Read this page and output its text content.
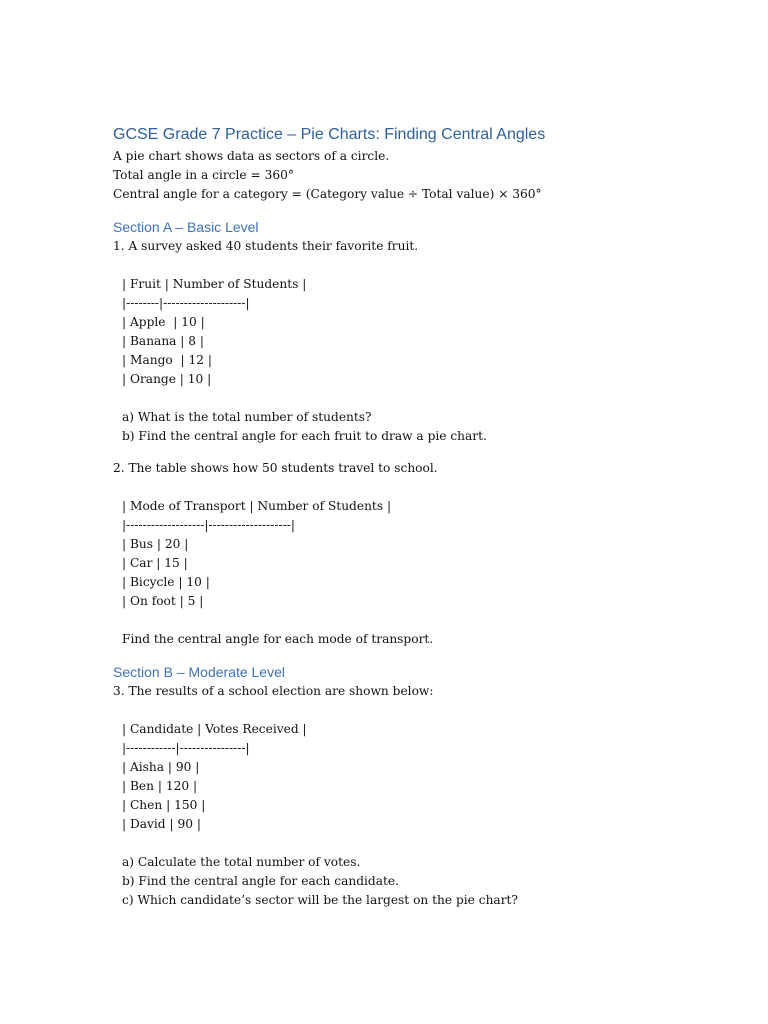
GCSE Grade 7 Practice – Pie Charts: Finding Central Angles
A pie chart shows data as sectors of a circle.
Total angle in a circle = 360°
Central angle for a category = (Category value ÷ Total value) × 360°
Section A – Basic Level
1. A survey asked 40 students their favorite fruit.
| Fruit | Number of Students |
|--------|--------------------|
| Apple  | 10 |
| Banana | 8 |
| Mango  | 12 |
| Orange | 10 |
a) What is the total number of students?
b) Find the central angle for each fruit to draw a pie chart.
2. The table shows how 50 students travel to school.
| Mode of Transport | Number of Students |
|-------------------|--------------------|
| Bus | 20 |
| Car | 15 |
| Bicycle | 10 |
| On foot | 5 |
Find the central angle for each mode of transport.
Section B – Moderate Level
3. The results of a school election are shown below:
| Candidate | Votes Received |
|------------|----------------|
| Aisha | 90 |
| Ben | 120 |
| Chen | 150 |
| David | 90 |
a) Calculate the total number of votes.
b) Find the central angle for each candidate.
c) Which candidate’s sector will be the largest on the pie chart?
